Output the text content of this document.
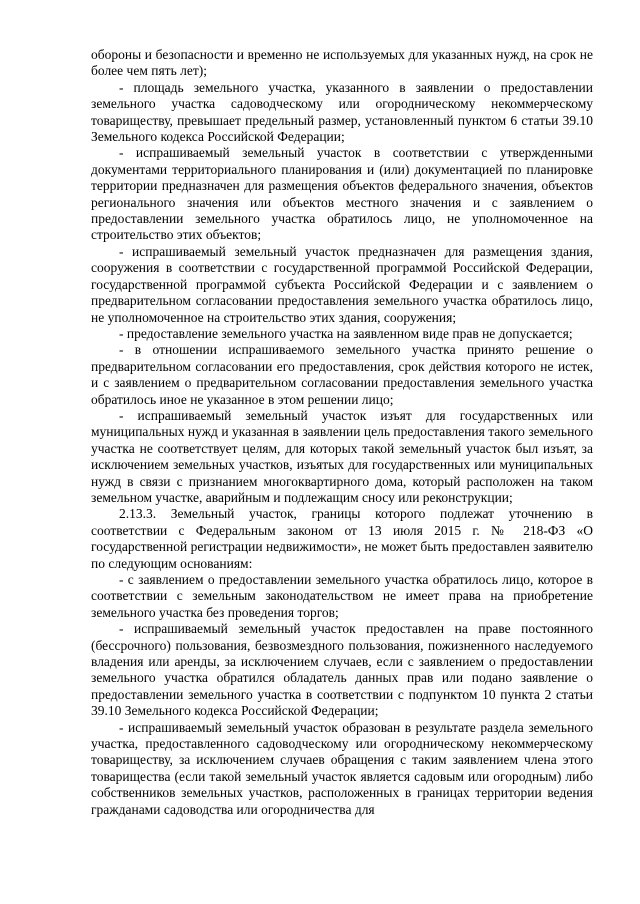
обороны и безопасности и временно не используемых для указанных нужд, на срок не более чем пять лет);

- площадь земельного участка, указанного в заявлении о предоставлении земельного участка садоводческому или огородническому некоммерческому товариществу, превышает предельный размер, установленный пунктом 6 статьи 39.10 Земельного кодекса Российской Федерации;

- испрашиваемый земельный участок в соответствии с утвержденными документами территориального планирования и (или) документацией по планировке территории предназначен для размещения объектов федерального значения, объектов регионального значения или объектов местного значения и с заявлением о предоставлении земельного участка обратилось лицо, не уполномоченное на строительство этих объектов;

- испрашиваемый земельный участок предназначен для размещения здания, сооружения в соответствии с государственной программой Российской Федерации, государственной программой субъекта Российской Федерации и с заявлением о предварительном согласовании предоставления земельного участка обратилось лицо, не уполномоченное на строительство этих здания, сооружения;

- предоставление земельного участка на заявленном виде прав не допускается;

- в отношении испрашиваемого земельного участка принято решение о предварительном согласовании его предоставления, срок действия которого не истек, и с заявлением о предварительном согласовании предоставления земельного участка обратилось иное не указанное в этом решении лицо;

- испрашиваемый земельный участок изъят для государственных или муниципальных нужд и указанная в заявлении цель предоставления такого земельного участка не соответствует целям, для которых такой земельный участок был изъят, за исключением земельных участков, изъятых для государственных или муниципальных нужд в связи с признанием многоквартирного дома, который расположен на таком земельном участке, аварийным и подлежащим сносу или реконструкции;

2.13.3. Земельный участок, границы которого подлежат уточнению в соответствии с Федеральным законом от 13 июля 2015 г. № 218-ФЗ «О государственной регистрации недвижимости», не может быть предоставлен заявителю по следующим основаниям:

- с заявлением о предоставлении земельного участка обратилось лицо, которое в соответствии с земельным законодательством не имеет права на приобретение земельного участка без проведения торгов;

- испрашиваемый земельный участок предоставлен на праве постоянного (бессрочного) пользования, безвозмездного пользования, пожизненного наследуемого владения или аренды, за исключением случаев, если с заявлением о предоставлении земельного участка обратился обладатель данных прав или подано заявление о предоставлении земельного участка в соответствии с подпунктом 10 пункта 2 статьи 39.10 Земельного кодекса Российской Федерации;

- испрашиваемый земельный участок образован в результате раздела земельного участка, предоставленного садоводческому или огородническому некоммерческому товариществу, за исключением случаев обращения с таким заявлением члена этого товарищества (если такой земельный участок является садовым или огородным) либо собственников земельных участков, расположенных в границах территории ведения гражданами садоводства или огородничества для
